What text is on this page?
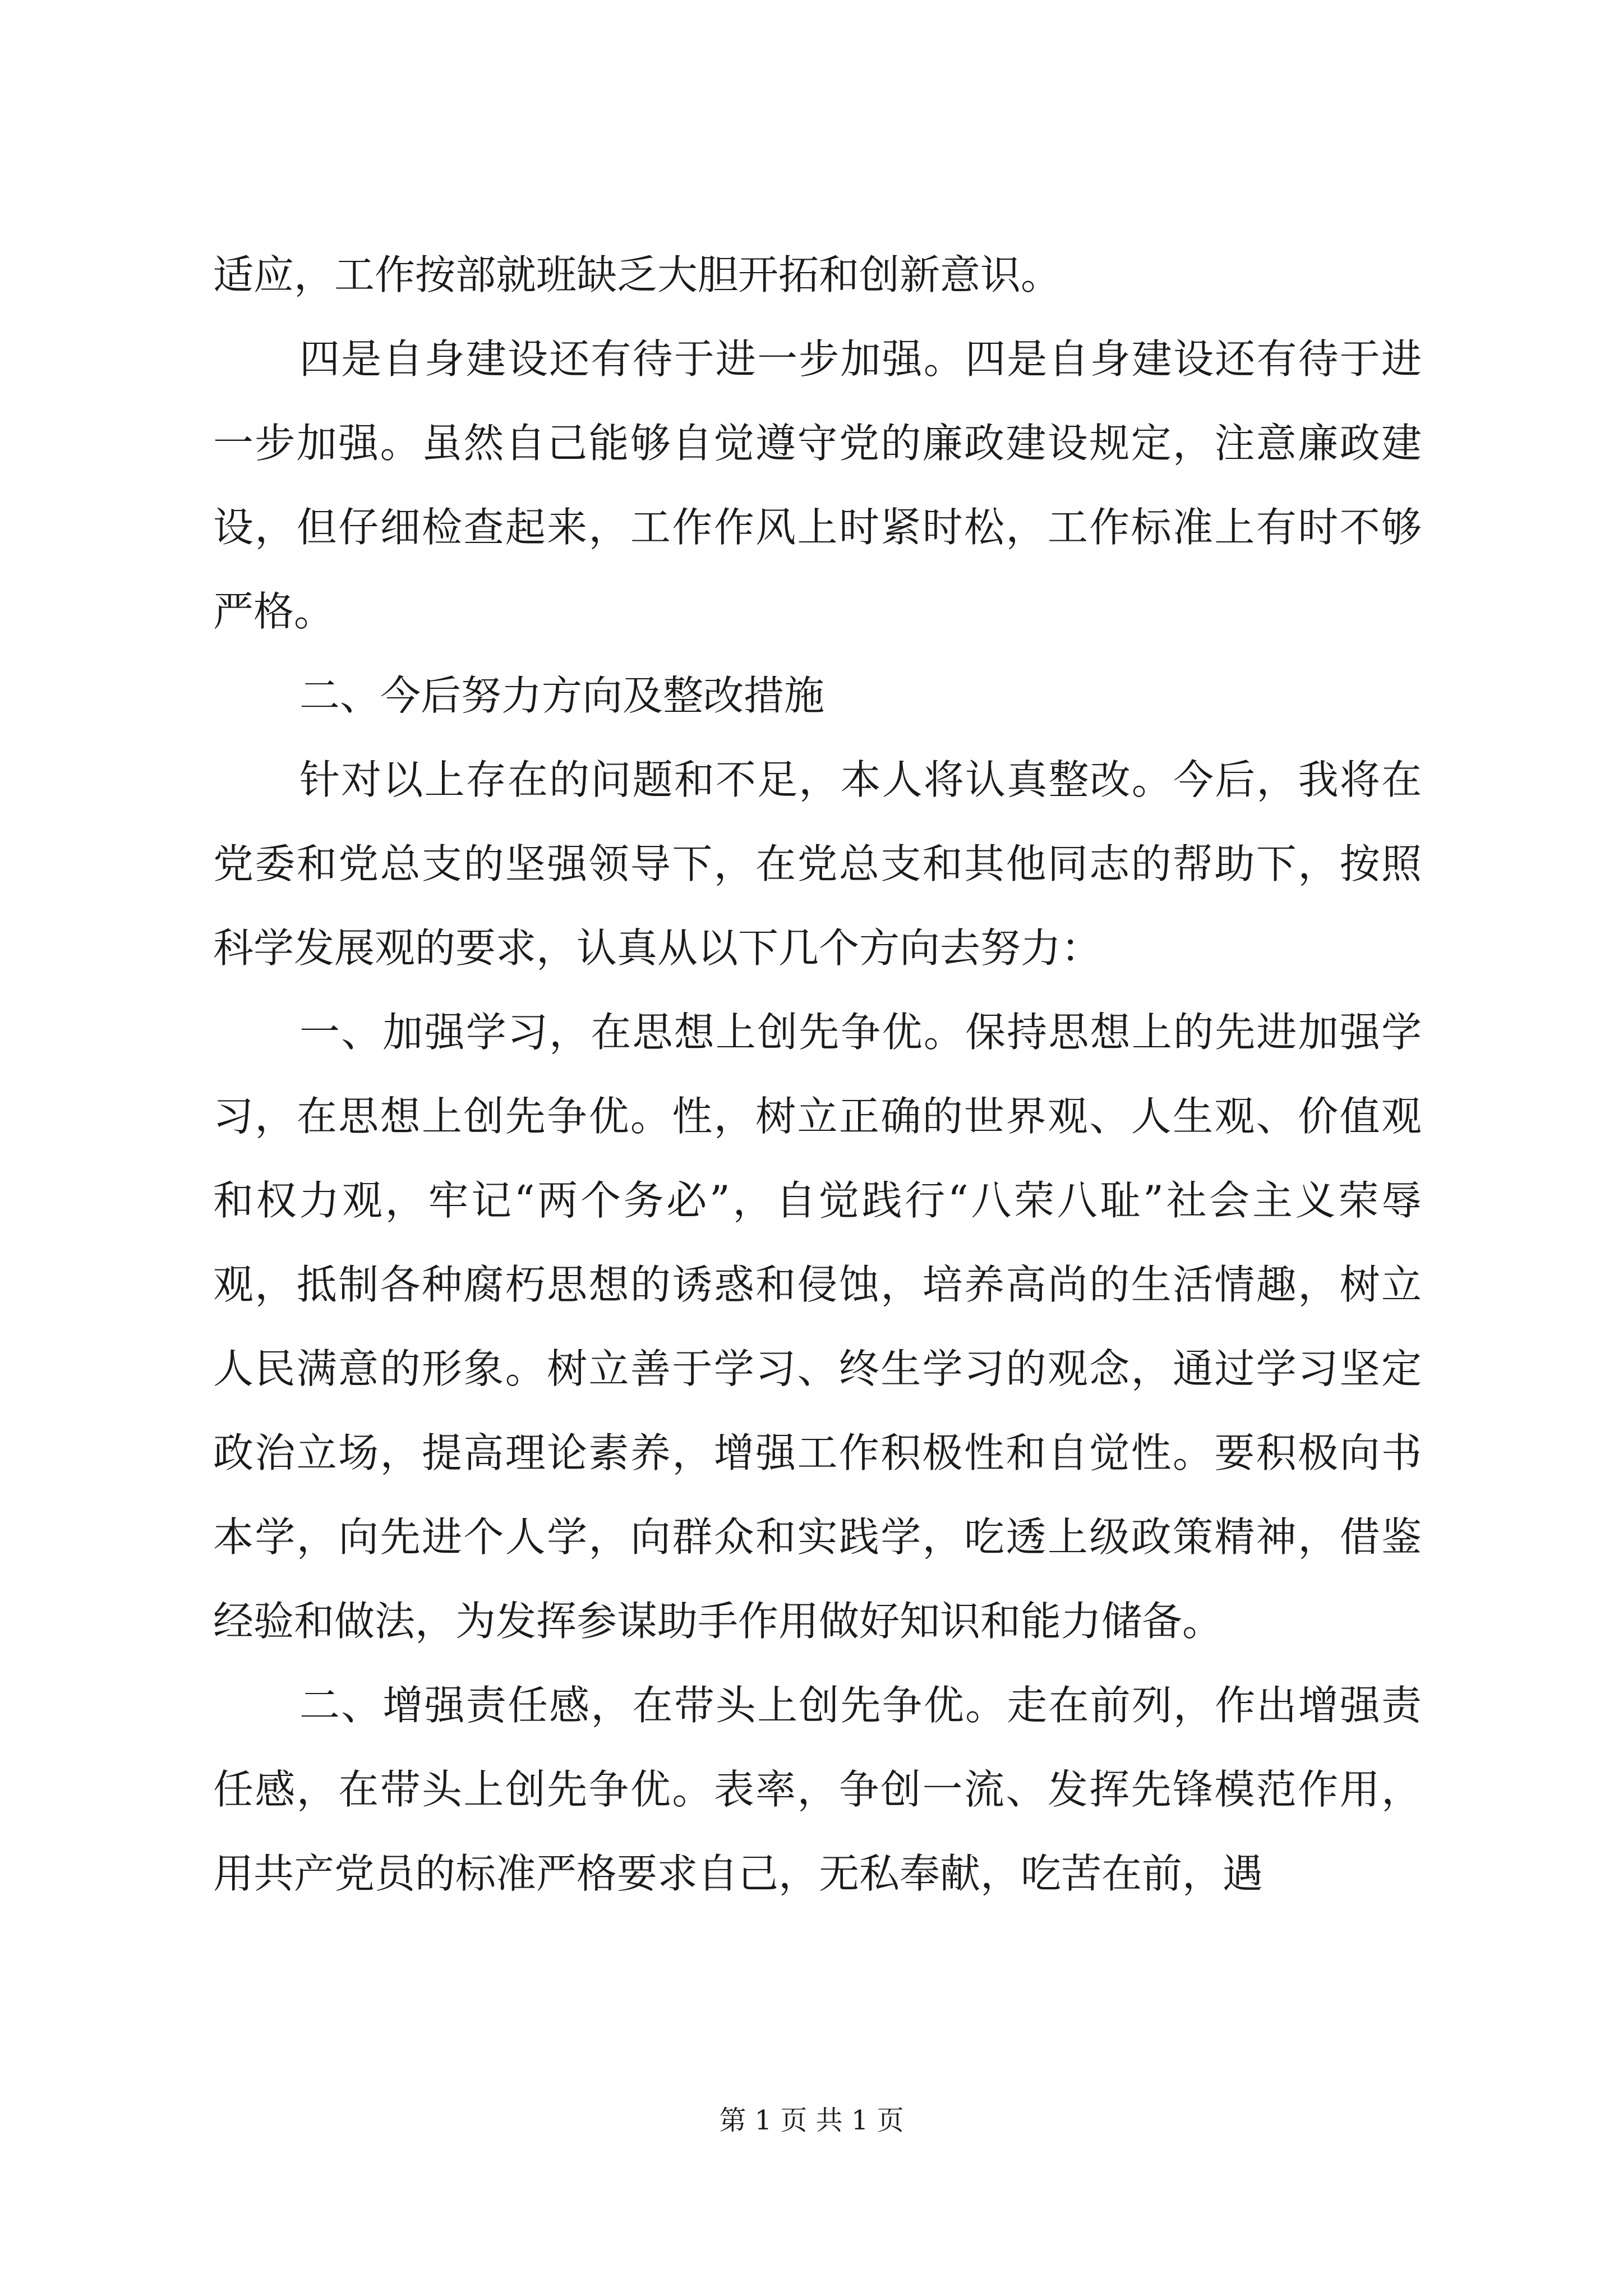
适应，工作按部就班缺乏大胆开拓和创新意识。

四是自身建设还有待于进一步加强。四是自身建设还有待于进一步加强。虽然自己能够自觉遵守党的廉政建设规定，注意廉政建设，但仔细检查起来，工作作风上时紧时松，工作标准上有时不够严格。

二、今后努力方向及整改措施

针对以上存在的问题和不足，本人将认真整改。今后，我将在党委和党总支的坚强领导下，在党总支和其他同志的帮助下，按照科学发展观的要求，认真从以下几个方向去努力：

一、加强学习，在思想上创先争优。保持思想上的先进加强学习，在思想上创先争优。性，树立正确的世界观、人生观、价值观和权力观，牢记“两个务必”，自觉践行“八荣八耻”社会主义荣辱观，抵制各种腐朽思想的诱惑和侵蚀，培养高尚的生活情趣，树立人民满意的形象。树立善于学习、终生学习的观念，通过学习坚定政治立场，提高理论素养，增强工作积极性和自觉性。要积极向书本学，向先进个人学，向群众和实践学，吃透上级政策精神，借鉴经验和做法，为发挥参谋助手作用做好知识和能力储备。

二、增强责任感，在带头上创先争优。走在前列，作出增强责任感，在带头上创先争优。表率，争创一流、发挥先锋模范作用，用共产党员的标准严格要求自己，无私奉献，吃苦在前，遇

第 1 页 共 1 页
